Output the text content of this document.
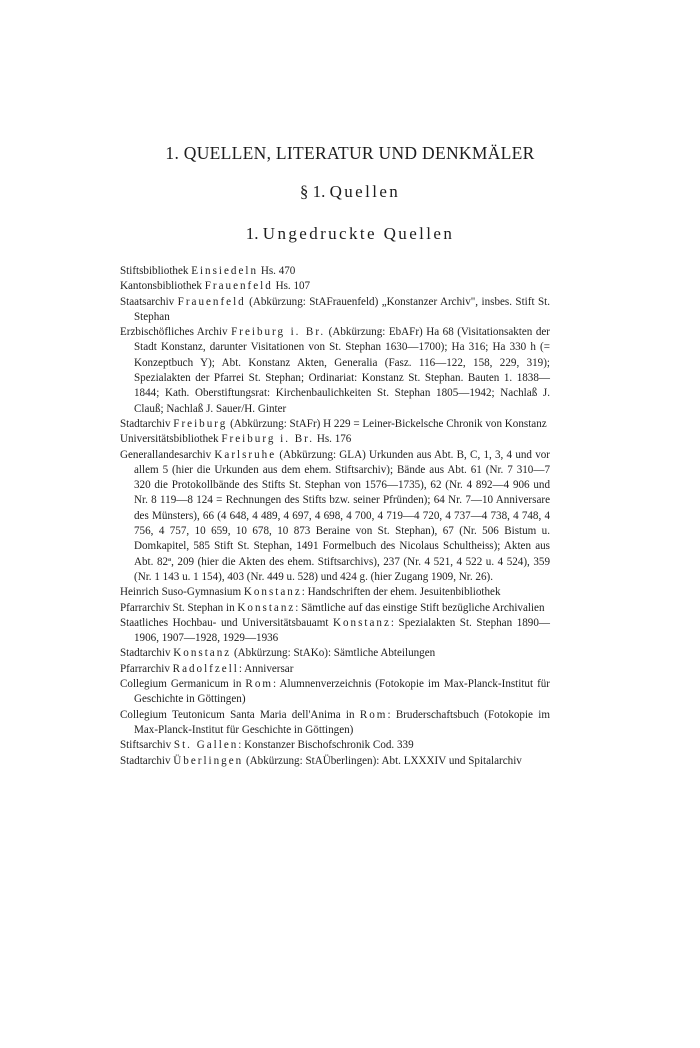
1. QUELLEN, LITERATUR UND DENKMÄLER
§ 1. Quellen
1. Ungedruckte Quellen
Stiftsbibliothek Einsiedeln Hs. 470
Kantonsbibliothek Frauenfeld Hs. 107
Staatsarchiv Frauenfeld (Abkürzung: StAFrauenfeld) „Konstanzer Archiv", insbes. Stift St. Stephan
Erzbischöfliches Archiv Freiburg i. Br. (Abkürzung: EbAFr) Ha 68 (Visitationsakten der Stadt Konstanz, darunter Visitationen von St. Stephan 1630—1700); Ha 316; Ha 330 h (= Konzeptbuch Y); Abt. Konstanz Akten, Generalia (Fasz. 116—122, 158, 229, 319); Spezialakten der Pfarrei St. Stephan; Ordinariat: Konstanz St. Stephan. Bauten 1. 1838—1844; Kath. Oberstiftungsrat: Kirchenbaulichkeiten St. Stephan 1805—1942; Nachlaß J. Clauß; Nachlaß J. Sauer/H. Ginter
Stadtarchiv Freiburg (Abkürzung: StAFr) H 229 = Leiner-Bickelsche Chronik von Konstanz
Universitätsbibliothek Freiburg i. Br. Hs. 176
Generallandesarchiv Karlsruhe (Abkürzung: GLA) Urkunden aus Abt. B, C, 1, 3, 4 und vor allem 5 (hier die Urkunden aus dem ehem. Stiftsarchiv); Bände aus Abt. 61 (Nr. 7 310—7 320 die Protokollbände des Stifts St. Stephan von 1576—1735), 62 (Nr. 4 892—4 906 und Nr. 8 119—8 124 = Rechnungen des Stifts bzw. seiner Pfründen); 64 Nr. 7—10 Anniversare des Münsters), 66 (4 648, 4 489, 4 697, 4 698, 4 700, 4 719—4 720, 4 737—4 738, 4 748, 4 756, 4 757, 10 659, 10 678, 10 873 Beraine von St. Stephan), 67 (Nr. 506 Bistum u. Domkapitel, 585 Stift St. Stephan, 1491 Formelbuch des Nicolaus Schultheiss); Akten aus Abt. 82ª, 209 (hier die Akten des ehem. Stiftsarchivs), 237 (Nr. 4 521, 4 522 u. 4 524), 359 (Nr. 1 143 u. 1 154), 403 (Nr. 449 u. 528) und 424 g. (hier Zugang 1909, Nr. 26).
Heinrich Suso-Gymnasium Konstanz: Handschriften der ehem. Jesuitenbibliothek
Pfarrarchiv St. Stephan in Konstanz: Sämtliche auf das einstige Stift bezügliche Archivalien
Staatliches Hochbau- und Universitätsbauamt Konstanz: Spezialakten St. Stephan 1890—1906, 1907—1928, 1929—1936
Stadtarchiv Konstanz (Abkürzung: StAKo): Sämtliche Abteilungen
Pfarrarchiv Radolfzell: Anniversar
Collegium Germanicum in Rom: Alumnenverzeichnis (Fotokopie im Max-Planck-Institut für Geschichte in Göttingen)
Collegium Teutonicum Santa Maria dell'Anima in Rom: Bruderschaftsbuch (Fotokopie im Max-Planck-Institut für Geschichte in Göttingen)
Stiftsarchiv St. Gallen: Konstanzer Bischofschronik Cod. 339
Stadtarchiv Überlingen (Abkürzung: StAÜberlingen): Abt. LXXXIV und Spitalarchiv
